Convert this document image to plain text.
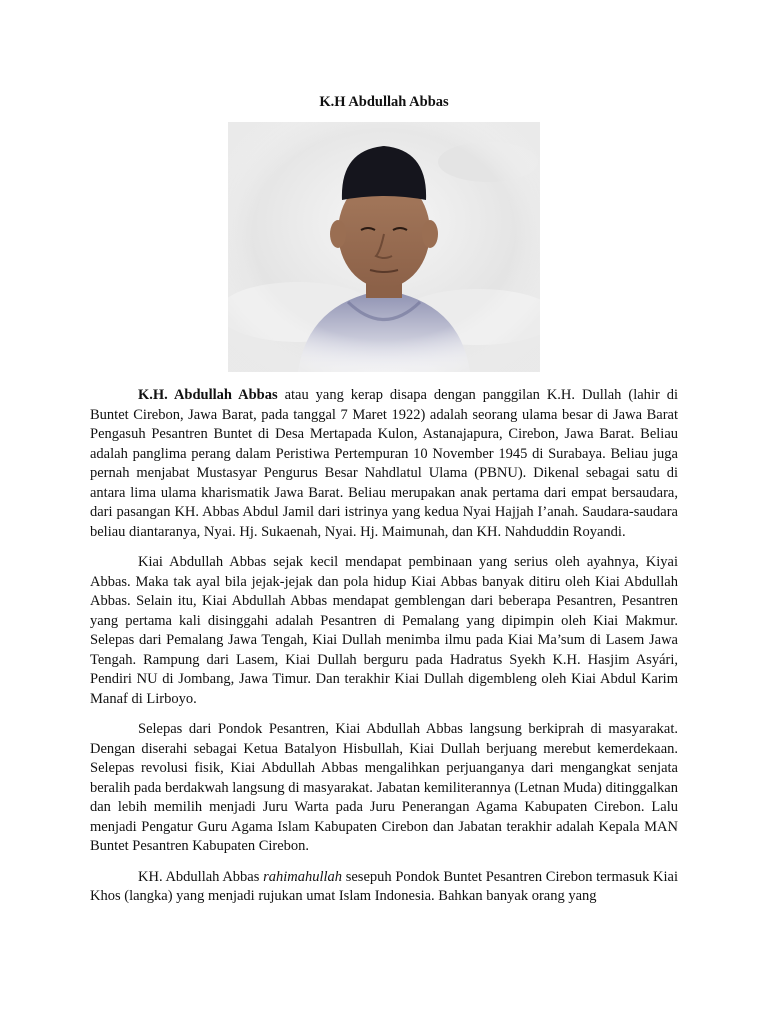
K.H Abdullah Abbas

K.H. Abdullah Abbas atau yang kerap disapa dengan panggilan K.H. Dullah (lahir di Buntet Cirebon, Jawa Barat, pada tanggal 7 Maret 1922) adalah seorang ulama besar di Jawa Barat Pengasuh Pesantren Buntet di Desa Mertapada Kulon, Astanajapura, Cirebon, Jawa Barat. Beliau adalah panglima perang dalam Peristiwa Pertempuran 10 November 1945 di Surabaya. Beliau juga pernah menjabat Mustasyar Pengurus Besar Nahdlatul Ulama (PBNU). Dikenal sebagai satu di antara lima ulama kharismatik Jawa Barat. Beliau merupakan anak pertama dari empat bersaudara, dari pasangan KH. Abbas Abdul Jamil dari istrinya yang kedua Nyai Hajjah I’anah. Saudara-saudara beliau diantaranya, Nyai. Hj. Sukaenah, Nyai. Hj. Maimunah, dan KH. Nahduddin Royandi.

Kiai Abdullah Abbas sejak kecil mendapat pembinaan yang serius oleh ayahnya, Kiyai Abbas. Maka tak ayal bila jejak-jejak dan pola hidup Kiai Abbas banyak ditiru oleh Kiai Abdullah Abbas. Selain itu, Kiai Abdullah Abbas mendapat gemblengan dari beberapa Pesantren, Pesantren yang pertama kali disinggahi adalah Pesantren di Pemalang yang dipimpin oleh Kiai Makmur. Selepas dari Pemalang Jawa Tengah, Kiai Dullah menimba ilmu pada Kiai Ma’sum di Lasem Jawa Tengah. Rampung dari Lasem, Kiai Dullah berguru pada Hadratus Syekh K.H. Hasjim Asyári, Pendiri NU di Jombang, Jawa Timur. Dan terakhir Kiai Dullah digembleng oleh Kiai Abdul Karim Manaf di Lirboyo.

Selepas dari Pondok Pesantren, Kiai Abdullah Abbas langsung berkiprah di masyarakat. Dengan diserahi sebagai Ketua Batalyon Hisbullah, Kiai Dullah berjuang merebut kemerdekaan. Selepas revolusi fisik, Kiai Abdullah Abbas mengalihkan perjuanganya dari mengangkat senjata beralih pada berdakwah langsung di masyarakat. Jabatan kemiliterannya (Letnan Muda) ditinggalkan dan lebih memilih menjadi Juru Warta pada Juru Penerangan Agama Kabupaten Cirebon. Lalu menjadi Pengatur Guru Agama Islam Kabupaten Cirebon dan Jabatan terakhir adalah Kepala MAN Buntet Pesantren Kabupaten Cirebon.

KH. Abdullah Abbas rahimahullah sesepuh Pondok Buntet Pesantren Cirebon termasuk Kiai Khos (langka) yang menjadi rujukan umat Islam Indonesia. Bahkan banyak orang yang
